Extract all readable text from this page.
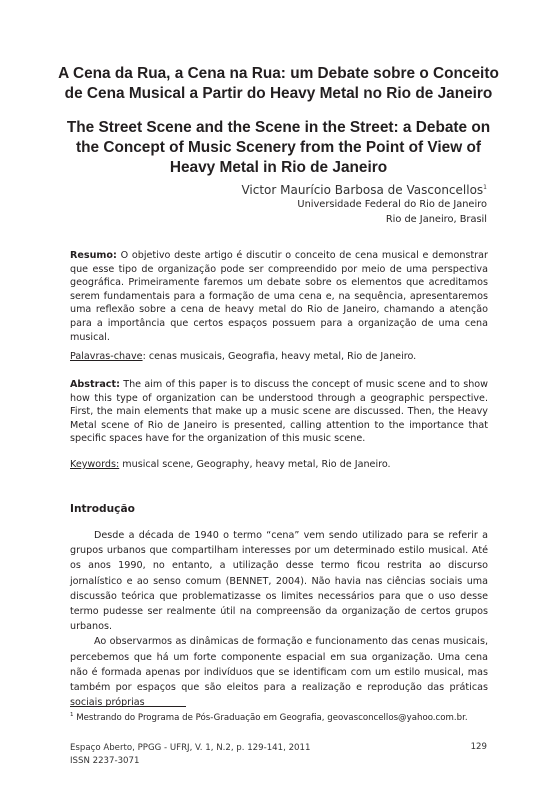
A Cena da Rua, a Cena na Rua: um Debate sobre o Conceito
de Cena Musical a Partir do Heavy Metal no Rio de Janeiro
The Street Scene and the Scene in the Street: a Debate on
the Concept of Music Scenery from the Point of View of
Heavy Metal in Rio de Janeiro
Victor Maurício Barbosa de Vasconcellos$^1$
Universidade Federal do Rio de Janeiro
Rio de Janeiro, Brasil
Resumo: O objetivo deste artigo é discutir o conceito de cena musical e demonstrar que esse tipo de organização pode ser compreendido por meio de uma perspectiva geográfica. Primeiramente faremos um debate sobre os elementos que acreditamos serem fundamentais para a formação de uma cena e, na sequência, apresentaremos uma reflexão sobre a cena de heavy metal do Rio de Janeiro, chamando a atenção para a importância que certos espaços possuem para a organização de uma cena musical.
Palavras-chave: cenas musicais, Geografia, heavy metal, Rio de Janeiro.
Abstract: The aim of this paper is to discuss the concept of music scene and to show how this type of organization can be understood through a geographic perspective. First, the main elements that make up a music scene are discussed. Then, the Heavy Metal scene of Rio de Janeiro is presented, calling attention to the importance that specific spaces have for the organization of this music scene.
Keywords: musical scene, Geography, heavy metal, Rio de Janeiro.
Introdução

Desde a década de 1940 o termo “cena” vem sendo utilizado para se referir a grupos urbanos que compartilham interesses por um determinado estilo musical. Até os anos 1990, no entanto, a utilização desse termo ficou restrita ao discurso jornalístico e ao senso comum (BENNET, 2004). Não havia nas ciências sociais uma discussão teórica que problematizasse os limites necessários para que o uso desse termo pudesse ser realmente útil na compreensão da organização de certos grupos urbanos.

Ao observarmos as dinâmicas de formação e funcionamento das cenas musicais, percebemos que há um forte componente espacial em sua organização. Uma cena não é formada apenas por indivíduos que se identificam com um estilo musical, mas também por espaços que são eleitos para a realização e reprodução das práticas sociais próprias

$^1$ Mestrando do Programa de Pós-Graduação em Geografia, geovasconcellos@yahoo.com.br.
Espaço Aberto, PPGG - UFRJ, V. 1, N.2, p. 129-141, 2011
ISSN 2237-3071
129
